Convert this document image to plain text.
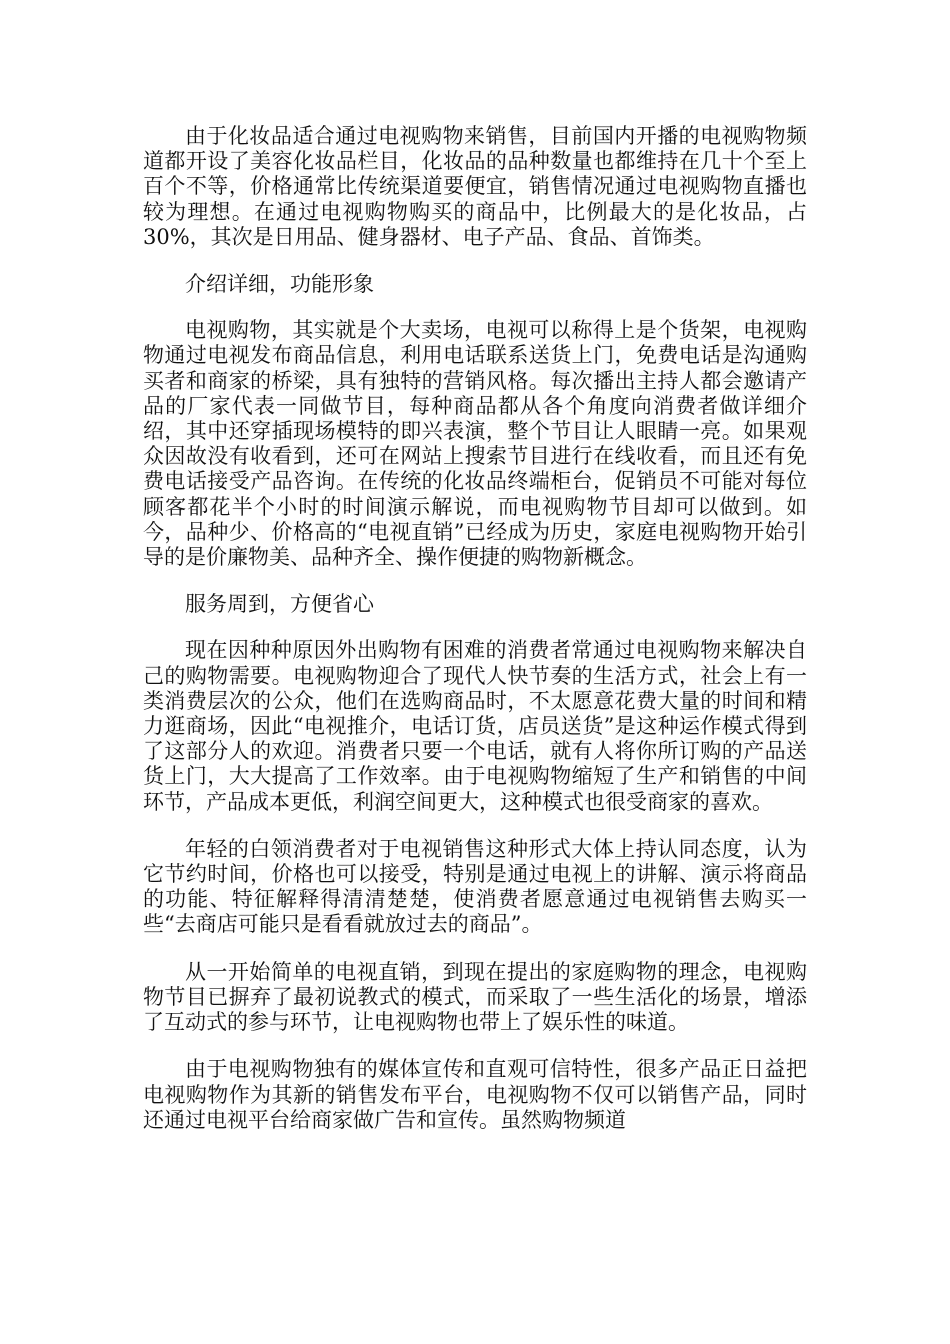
由于化妆品适合通过电视购物来销售，目前国内开播的电视购物频道都开设了美容化妆品栏目，化妆品的品种数量也都维持在几十个至上百个不等，价格通常比传统渠道要便宜，销售情况通过电视购物直播也较为理想。在通过电视购物购买的商品中，比例最大的是化妆品，占30%，其次是日用品、健身器材、电子产品、食品、首饰类。

介绍详细，功能形象

电视购物，其实就是个大卖场，电视可以称得上是个货架，电视购物通过电视发布商品信息，利用电话联系送货上门，免费电话是沟通购买者和商家的桥梁，具有独特的营销风格。每次播出主持人都会邀请产品的厂家代表一同做节目，每种商品都从各个角度向消费者做详细介绍，其中还穿插现场模特的即兴表演，整个节目让人眼睛一亮。如果观众因故没有收看到，还可在网站上搜索节目进行在线收看，而且还有免费电话接受产品咨询。在传统的化妆品终端柜台，促销员不可能对每位顾客都花半个小时的时间演示解说，而电视购物节目却可以做到。如今，品种少、价格高的“电视直销”已经成为历史，家庭电视购物开始引导的是价廉物美、品种齐全、操作便捷的购物新概念。

服务周到，方便省心

现在因种种原因外出购物有困难的消费者常通过电视购物来解决自己的购物需要。电视购物迎合了现代人快节奏的生活方式，社会上有一类消费层次的公众，他们在选购商品时，不太愿意花费大量的时间和精力逛商场，因此“电视推介，电话订货，店员送货”是这种运作模式得到了这部分人的欢迎。消费者只要一个电话，就有人将你所订购的产品送货上门，大大提高了工作效率。由于电视购物缩短了生产和销售的中间环节，产品成本更低，利润空间更大，这种模式也很受商家的喜欢。

年轻的白领消费者对于电视销售这种形式大体上持认同态度，认为它节约时间，价格也可以接受，特别是通过电视上的讲解、演示将商品的功能、特征解释得清清楚楚，使消费者愿意通过电视销售去购买一些“去商店可能只是看看就放过去的商品”。

从一开始简单的电视直销，到现在提出的家庭购物的理念，电视购物节目已摒弃了最初说教式的模式，而采取了一些生活化的场景，增添了互动式的参与环节，让电视购物也带上了娱乐性的味道。

由于电视购物独有的媒体宣传和直观可信特性，很多产品正日益把电视购物作为其新的销售发布平台，电视购物不仅可以销售产品，同时还通过电视平台给商家做广告和宣传。虽然购物频道
